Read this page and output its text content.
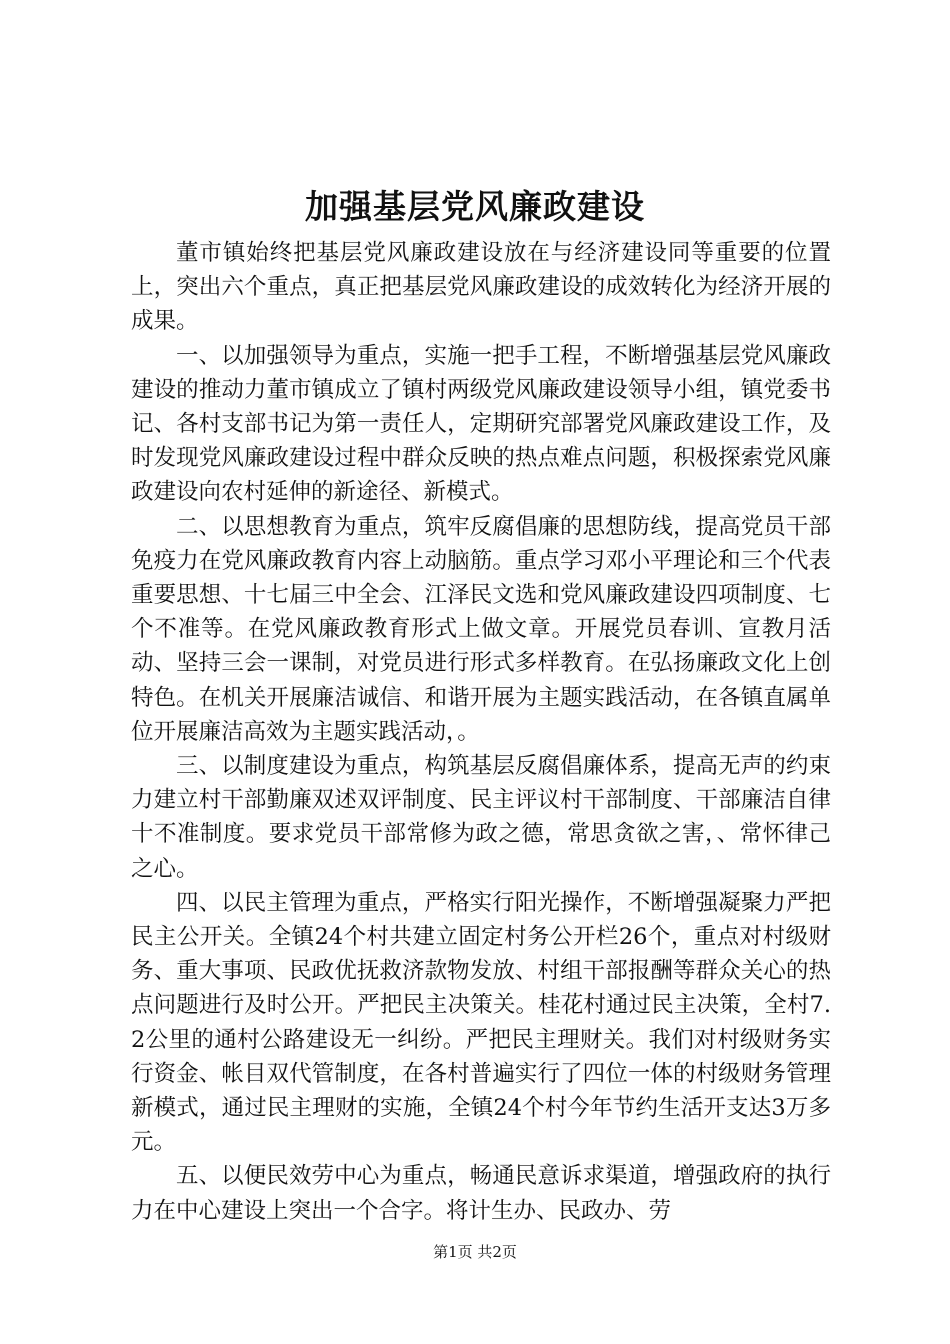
加强基层党风廉政建设

董市镇始终把基层党风廉政建设放在与经济建设同等重要的位置上，突出六个重点，真正把基层党风廉政建设的成效转化为经济开展的成果。

一、以加强领导为重点，实施一把手工程，不断增强基层党风廉政建设的推动力董市镇成立了镇村两级党风廉政建设领导小组，镇党委书记、各村支部书记为第一责任人，定期研究部署党风廉政建设工作，及时发现党风廉政建设过程中群众反映的热点难点问题，积极探索党风廉政建设向农村延伸的新途径、新模式。

二、以思想教育为重点，筑牢反腐倡廉的思想防线，提高党员干部免疫力在党风廉政教育内容上动脑筋。重点学习邓小平理论和三个代表重要思想、十七届三中全会、江泽民文选和党风廉政建设四项制度、七个不准等。在党风廉政教育形式上做文章。开展党员春训、宣教月活动、坚持三会一课制，对党员进行形式多样教育。在弘扬廉政文化上创特色。在机关开展廉洁诚信、和谐开展为主题实践活动，在各镇直属单位开展廉洁高效为主题实践活动，。

三、以制度建设为重点，构筑基层反腐倡廉体系，提高无声的约束力建立村干部勤廉双述双评制度、民主评议村干部制度、干部廉洁自律十不准制度。要求党员干部常修为政之德，常思贪欲之害，、常怀律己之心。

四、以民主管理为重点，严格实行阳光操作，不断增强凝聚力严把民主公开关。全镇24个村共建立固定村务公开栏26个，重点对村级财务、重大事项、民政优抚救济款物发放、村组干部报酬等群众关心的热点问题进行及时公开。严把民主决策关。桂花村通过民主决策，全村7.2公里的通村公路建设无一纠纷。严把民主理财关。我们对村级财务实行资金、帐目双代管制度，在各村普遍实行了四位一体的村级财务管理新模式，通过民主理财的实施，全镇24个村今年节约生活开支达3万多元。

五、以便民效劳中心为重点，畅通民意诉求渠道，增强政府的执行力在中心建设上突出一个合字。将计生办、民政办、劳

第1页 共2页
